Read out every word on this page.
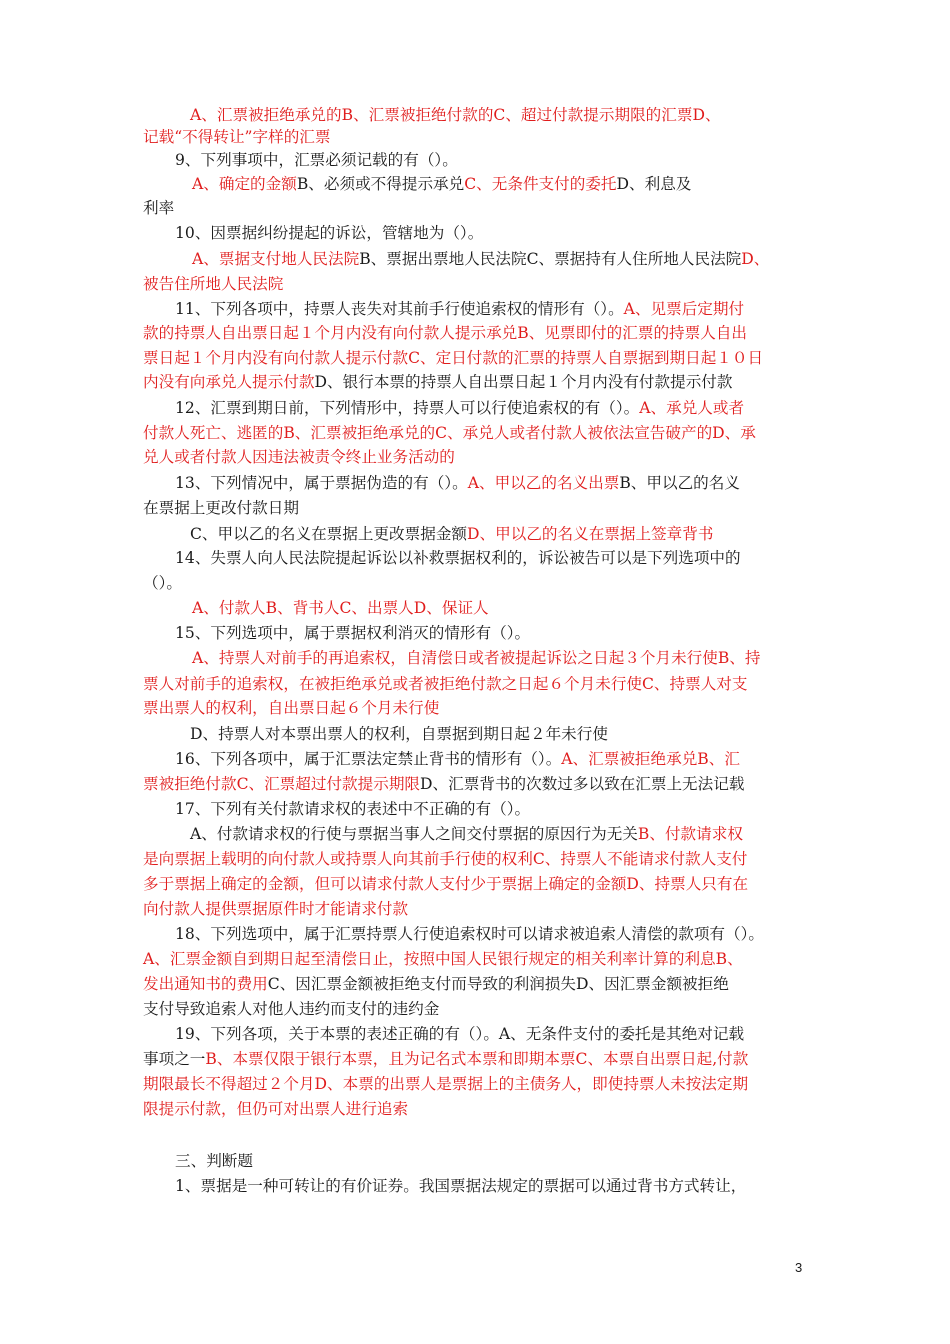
A、汇票被拒绝承兑的B、汇票被拒绝付款的C、超过付款提示期限的汇票D、
记载“不得转让”字样的汇票
9、下列事项中，汇票必须记载的有（）。
A、确定的金额B、必须或不得提示承兑C、无条件支付的委托D、利息及
利率
10、因票据纠纷提起的诉讼，管辖地为（）。
A、票据支付地人民法院B、票据出票地人民法院C、票据持有人住所地人民法院D、
被告住所地人民法院
11、下列各项中，持票人丧失对其前手行使追索权的情形有（）。A、见票后定期付
款的持票人自出票日起１个月内没有向付款人提示承兑B、见票即付的汇票的持票人自出
票日起１个月内没有向付款人提示付款C、定日付款的汇票的持票人自票据到期日起１０日
内没有向承兑人提示付款D、银行本票的持票人自出票日起１个月内没有付款提示付款
12、汇票到期日前，下列情形中，持票人可以行使追索权的有（）。A、承兑人或者
付款人死亡、逃匿的B、汇票被拒绝承兑的C、承兑人或者付款人被依法宣告破产的D、承
兑人或者付款人因违法被责令终止业务活动的
13、下列情况中，属于票据伪造的有（）。A、甲以乙的名义出票B、甲以乙的名义
在票据上更改付款日期
C、甲以乙的名义在票据上更改票据金额D、甲以乙的名义在票据上签章背书
14、失票人向人民法院提起诉讼以补救票据权利的，诉讼被告可以是下列选项中的
（）。
A、付款人B、背书人C、出票人D、保证人
15、下列选项中，属于票据权利消灭的情形有（）。
A、持票人对前手的再追索权，自清偿日或者被提起诉讼之日起３个月未行使B、持
票人对前手的追索权，在被拒绝承兑或者被拒绝付款之日起６个月未行使C、持票人对支
票出票人的权利，自出票日起６个月未行使
D、持票人对本票出票人的权利，自票据到期日起２年未行使
16、下列各项中，属于汇票法定禁止背书的情形有（）。A、汇票被拒绝承兑B、汇
票被拒绝付款C、汇票超过付款提示期限D、汇票背书的次数过多以致在汇票上无法记载
17、下列有关付款请求权的表述中不正确的有（）。
A、付款请求权的行使与票据当事人之间交付票据的原因行为无关B、付款请求权
是向票据上载明的向付款人或持票人向其前手行使的权利C、持票人不能请求付款人支付
多于票据上确定的金额，但可以请求付款人支付少于票据上确定的金额D、持票人只有在
向付款人提供票据原件时才能请求付款
18、下列选项中，属于汇票持票人行使追索权时可以请求被追索人清偿的款项有（）。
A、汇票金额自到期日起至清偿日止，按照中国人民银行规定的相关利率计算的利息B、
发出通知书的费用C、因汇票金额被拒绝支付而导致的利润损失D、因汇票金额被拒绝
支付导致追索人对他人违约而支付的违约金
19、下列各项，关于本票的表述正确的有（）。A、无条件支付的委托是其绝对记载
事项之一B、本票仅限于银行本票，且为记名式本票和即期本票C、本票自出票日起,付款
期限最长不得超过２个月D、本票的出票人是票据上的主债务人，即使持票人未按法定期
限提示付款，但仍可对出票人进行追索
三、判断题
1、票据是一种可转让的有价证券。我国票据法规定的票据可以通过背书方式转让，
3
